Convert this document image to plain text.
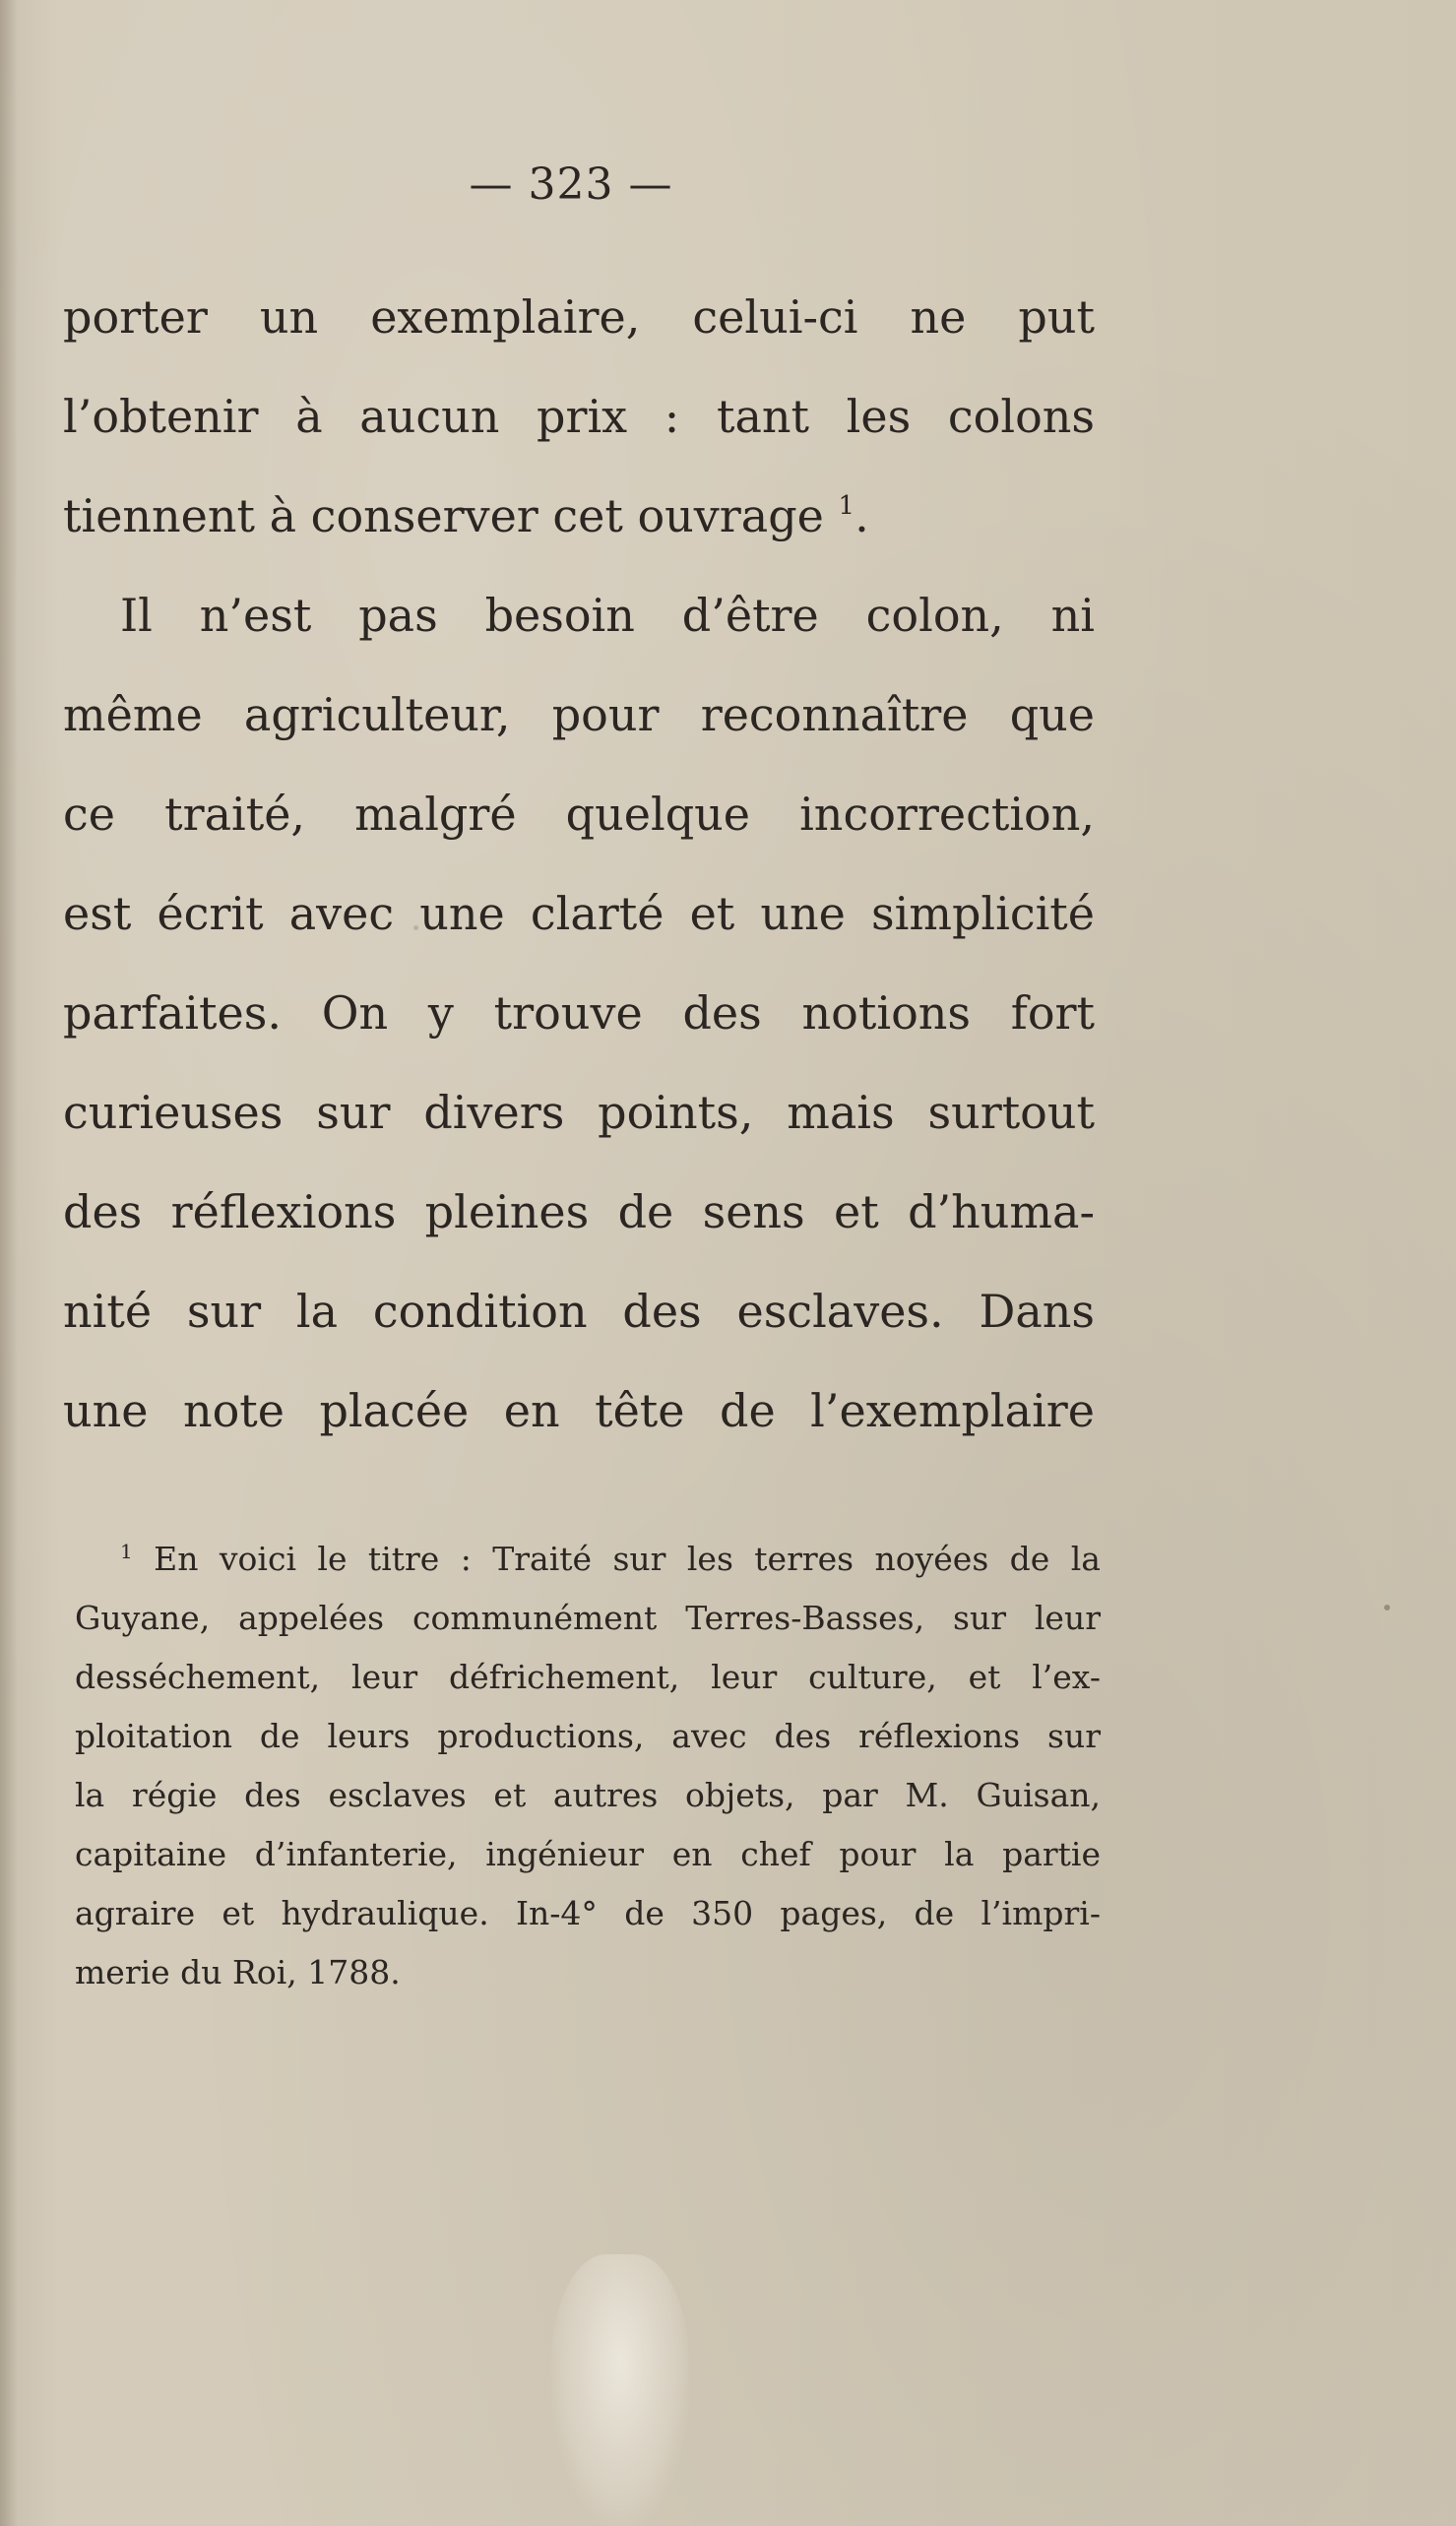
— 323 —
porter un exemplaire, celui-ci ne put
l’obtenir à aucun prix : tant les colons
tiennent à conserver cet ouvrage $^1$.
Il n’est pas besoin d’être colon, ni
même agriculteur, pour reconnaître que
ce traité, malgré quelque incorrection,
est écrit avec une clarté et une simplicité
parfaites. On y trouve des notions fort
curieuses sur divers points, mais surtout
des réflexions pleines de sens et d’huma-
nité sur la condition des esclaves. Dans
une note placée en tête de l’exemplaire
$^1$ En voici le titre : Traité sur les terres noyées de la
Guyane, appelées communément Terres-Basses, sur leur
desséchement, leur défrichement, leur culture, et l’ex-
ploitation de leurs productions, avec des réflexions sur
la régie des esclaves et autres objets, par M. Guisan,
capitaine d’infanterie, ingénieur en chef pour la partie
agraire et hydraulique. In-4° de 350 pages, de l’impri-
merie du Roi, 1788.
